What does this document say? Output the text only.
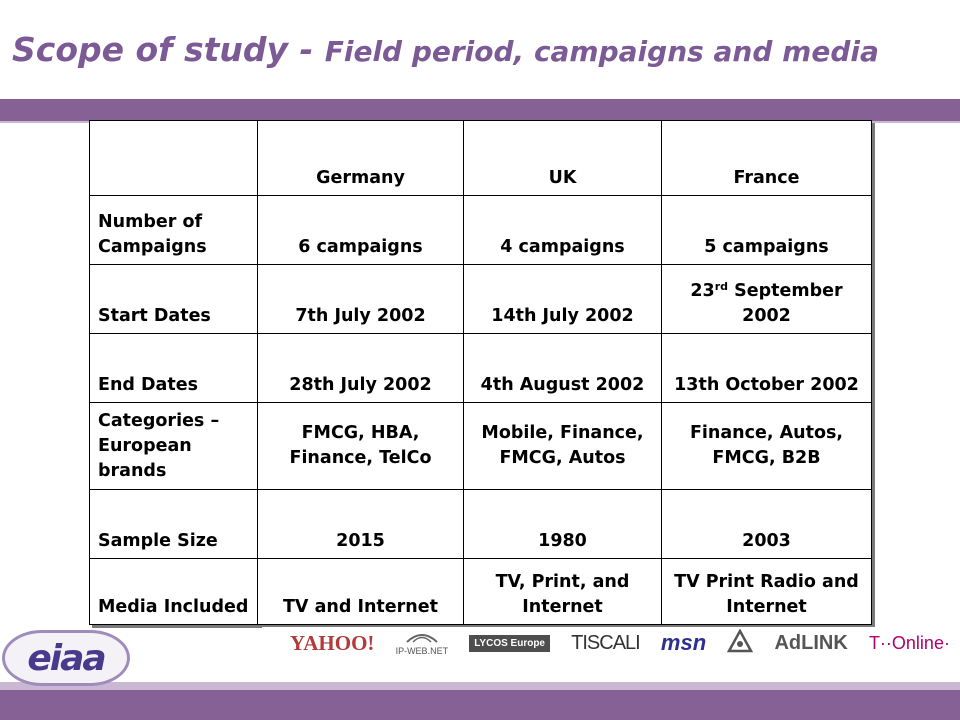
Scope of study - Field period, campaigns and media
	Germany	UK	France
Number of Campaigns	6 campaigns	4 campaigns	5 campaigns
Start Dates	7th July 2002	14th July 2002	23rd September 2002
End Dates	28th July 2002	4th August 2002	13th October 2002
Categories – European brands	FMCG, HBA, Finance, TelCo	Mobile, Finance, FMCG, Autos	Finance, Autos, FMCG, B2B
Sample Size	2015	1980	2003
Media Included	TV and Internet	TV, Print, and Internet	TV Print Radio and Internet
YAHOO! IP-WEB.NET
LYCOS Europe TISCALI msn	AdLINK T··Online·
eiaa
